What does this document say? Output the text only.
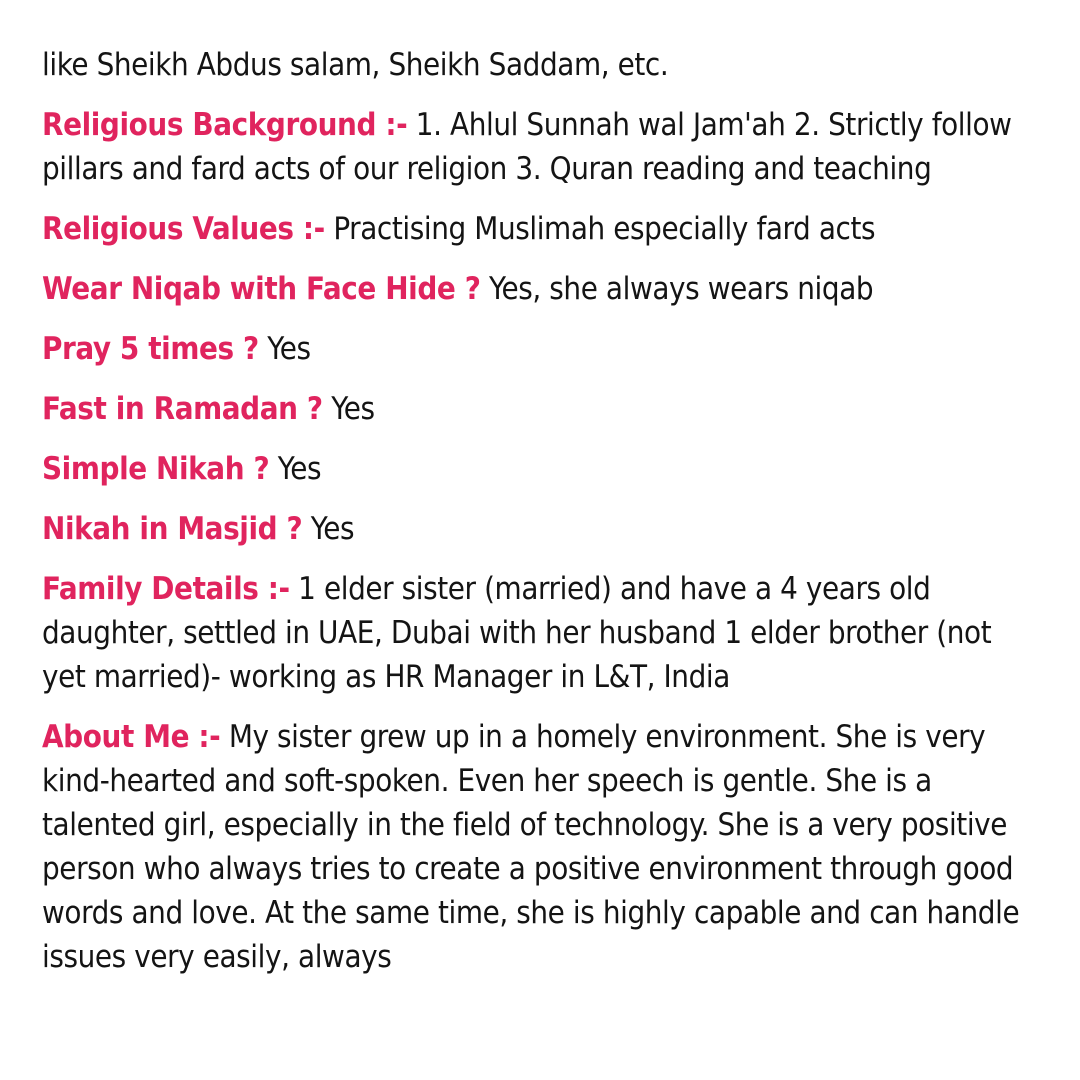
like Sheikh Abdus salam, Sheikh Saddam, etc.

Religious Background :- 1. Ahlul Sunnah wal Jam'ah 2. Strictly follow pillars and fard acts of our religion 3. Quran reading and teaching

Religious Values :- Practising Muslimah especially fard acts

Wear Niqab with Face Hide ? Yes, she always wears niqab

Pray 5 times ? Yes

Fast in Ramadan ? Yes

Simple Nikah ? Yes

Nikah in Masjid ? Yes

Family Details :- 1 elder sister (married) and have a 4 years old daughter, settled in UAE, Dubai with her husband 1 elder brother (not yet married)- working as HR Manager in L&T, India

About Me :- My sister grew up in a homely environment. She is very kind-hearted and soft-spoken. Even her speech is gentle. She is a talented girl, especially in the field of technology. She is a very positive person who always tries to create a positive environment through good words and love. At the same time, she is highly capable and can handle issues very easily, always
